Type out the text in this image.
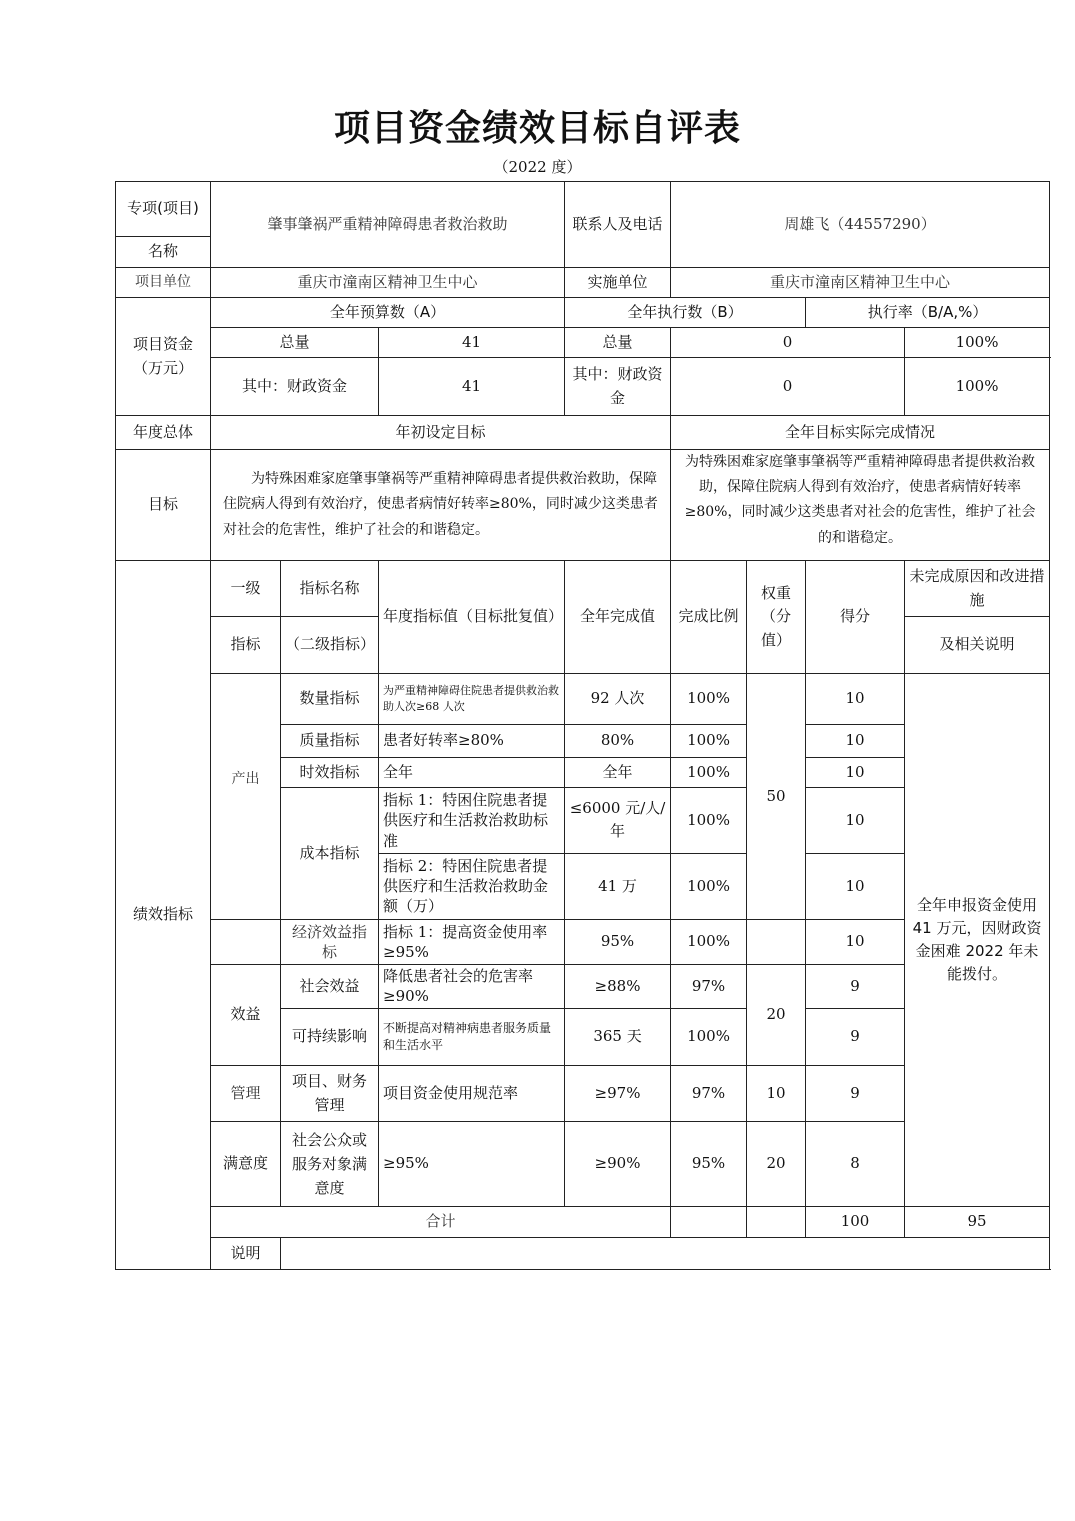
项目资金绩效目标自评表
（2022 度）
专项(项目)	肇事肇祸严重精神障碍患者救治救助			联系人及电话	周雄飞（44557290）				
名称									
项目单位	重庆市潼南区精神卫生中心			实施单位	重庆市潼南区精神卫生中心				
项目资金（万元）	全年预算数（A）			全年执行数（B）			执行率（B/A,%）		
	总量		41	总量	0			100%	
	其中：财政资金		41	其中：财政资金	0			100%	
年度总体	年初设定目标				全年目标实际完成情况				
目标	为特殊困难家庭肇事肇祸等严重精神障碍患者提供救治救助，保障住院病人得到有效治疗，使患者病情好转率≥80%，同时减少这类患者对社会的危害性，维护了社会的和谐稳定。				为特殊困难家庭肇事肇祸等严重精神障碍患者提供救治救助，保障住院病人得到有效治疗，使患者病情好转率≥80%，同时减少这类患者对社会的危害性，维护了社会的和谐稳定。				
绩效指标	一级	指标名称	年度指标值（目标批复值）	全年完成值	完成比例	权重（分值）	得分	未完成原因和改进措施	
	指标	（二级指标）						及相关说明	
	产出	数量指标	为严重精神障碍住院患者提供救治救助人次≥68 人次	92 人次	100%	50	10	全年申报资金使用 41 万元，因财政资金困难 2022 年未能拨付。	
		质量指标	患者好转率≥80%	80%	100%		10		
		时效指标	全年	全年	100%		10		
		成本指标	指标 1：特困住院患者提供医疗和生活救治救助标准	≤6000 元/人/年	100%		10		
			指标 2：特困住院患者提供医疗和生活救治救助金额（万）	41 万	100%		10		
		经济效益指标	指标 1：提高资金使用率≥95%	95%	100%		10		
	效益	社会效益	降低患者社会的危害率≥90%	≥88%	97%	20	9		
		可持续影响	不断提高对精神病患者服务质量和生活水平	365 天	100%		9		
	管理	项目、财务管理	项目资金使用规范率	≥97%	97%	10	9		
	满意度	社会公众或服务对象满意度	≥95%	≥90%	95%	20	8		
	合计						100	95	
	说明								
